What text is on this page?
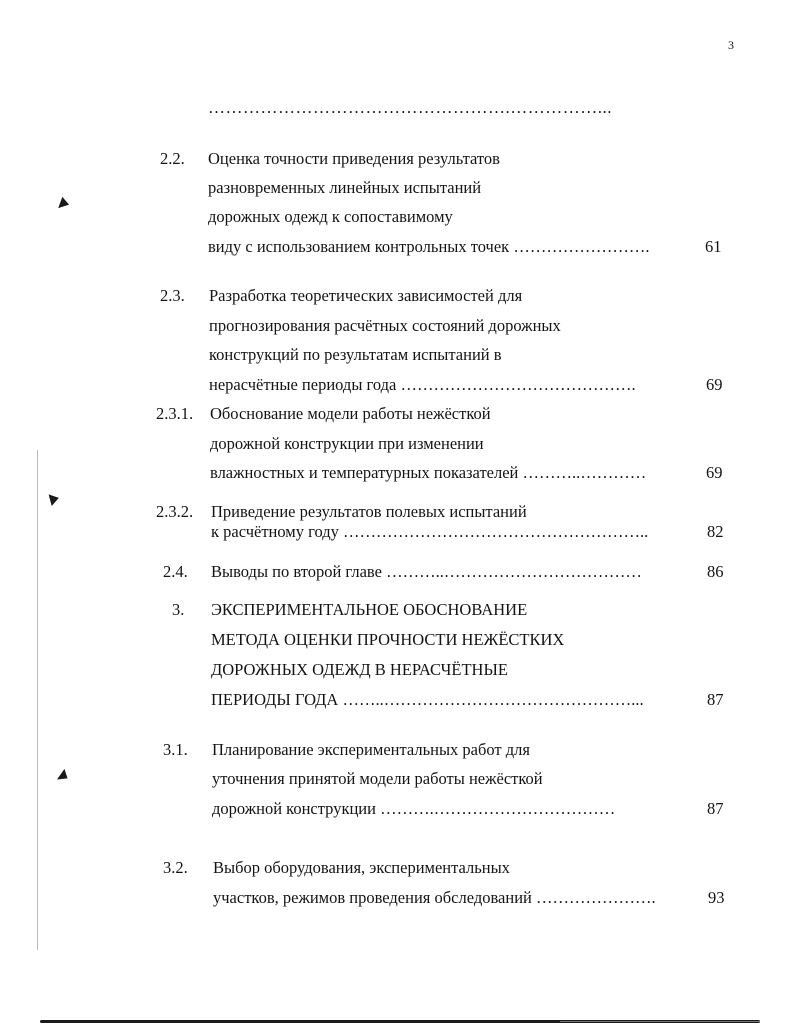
3
…………………………………………….……………...
2.2. Оценка точности приведения результатов
разновременных линейных испытаний
дорожных одежд к сопоставимому
виду с использованием контрольных точек …………………….	61
2.3. Разработка теоретических зависимостей для
прогнозирования расчётных состояний дорожных
конструкций по результатам испытаний в
нерасчётные периоды года …………………………………….	69
2.3.1. Обоснование модели работы нежёсткой
дорожной конструкции при изменении
влажностных и температурных показателей ………..…………	69
2.3.2. Приведение результатов полевых испытаний
к расчётному году ………………………………………………..	82
2.4. Выводы по второй главе ………..………………………………	86
3. ЭКСПЕРИМЕНТАЛЬНОЕ ОБОСНОВАНИЕ
МЕТОДА ОЦЕНКИ ПРОЧНОСТИ НЕЖЁСТКИХ
ДОРОЖНЫХ ОДЕЖД В НЕРАСЧЁТНЫЕ
ПЕРИОДЫ ГОДА ……..………………………………………...	87
3.1. Планирование экспериментальных работ для
уточнения принятой модели работы нежёсткой
дорожной конструкции ……….……………………………	87
3.2. Выбор оборудования, экспериментальных
участков, режимов проведения обследований ………………….	93
